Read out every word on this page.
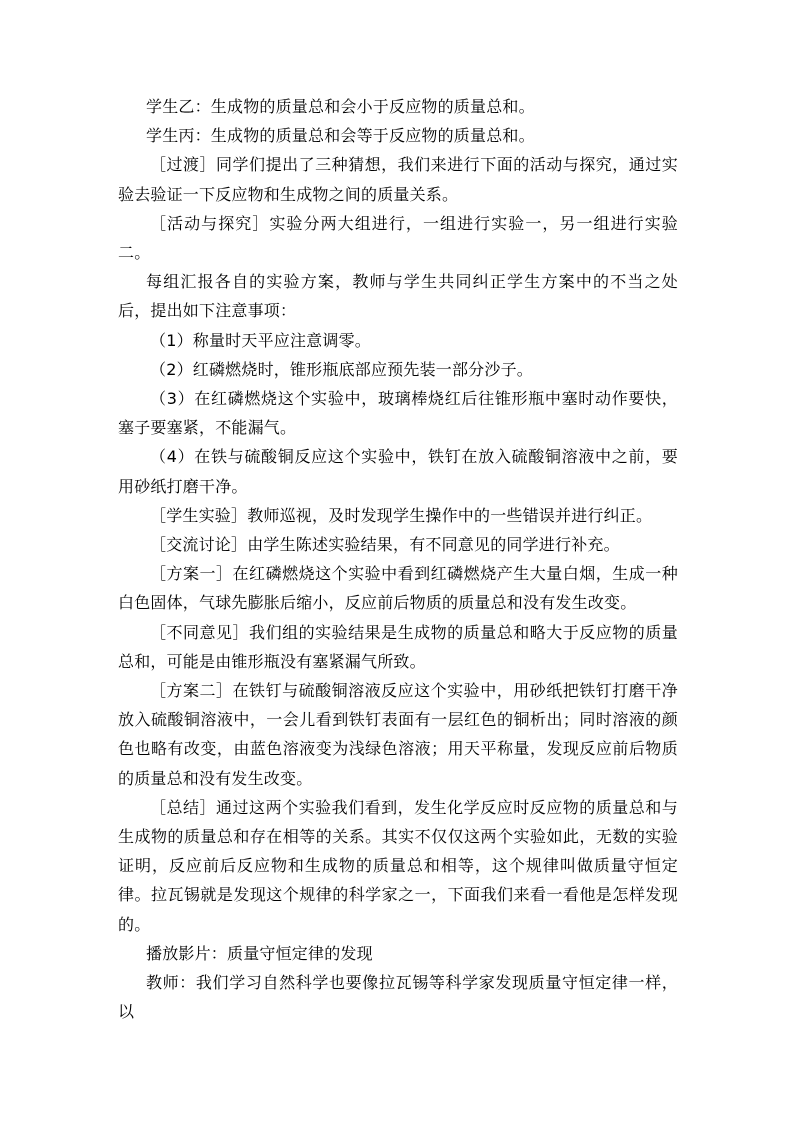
学生乙：生成物的质量总和会小于反应物的质量总和。

学生丙：生成物的质量总和会等于反应物的质量总和。

［过渡］同学们提出了三种猜想，我们来进行下面的活动与探究，通过实验去验证一下反应物和生成物之间的质量关系。

［活动与探究］实验分两大组进行，一组进行实验一，另一组进行实验二。

每组汇报各自的实验方案，教师与学生共同纠正学生方案中的不当之处后，提出如下注意事项：

（1）称量时天平应注意调零。

（2）红磷燃烧时，锥形瓶底部应预先装一部分沙子。

（3）在红磷燃烧这个实验中，玻璃棒烧红后往锥形瓶中塞时动作要快，塞子要塞紧，不能漏气。

（4）在铁与硫酸铜反应这个实验中，铁钉在放入硫酸铜溶液中之前，要用砂纸打磨干净。

［学生实验］教师巡视，及时发现学生操作中的一些错误并进行纠正。

［交流讨论］由学生陈述实验结果，有不同意见的同学进行补充。

［方案一］在红磷燃烧这个实验中看到红磷燃烧产生大量白烟，生成一种白色固体，气球先膨胀后缩小，反应前后物质的质量总和没有发生改变。

［不同意见］我们组的实验结果是生成物的质量总和略大于反应物的质量总和，可能是由锥形瓶没有塞紧漏气所致。

［方案二］在铁钉与硫酸铜溶液反应这个实验中，用砂纸把铁钉打磨干净放入硫酸铜溶液中，一会儿看到铁钉表面有一层红色的铜析出；同时溶液的颜色也略有改变，由蓝色溶液变为浅绿色溶液；用天平称量，发现反应前后物质的质量总和没有发生改变。

［总结］通过这两个实验我们看到，发生化学反应时反应物的质量总和与生成物的质量总和存在相等的关系。其实不仅仅这两个实验如此，无数的实验证明，反应前后反应物和生成物的质量总和相等，这个规律叫做质量守恒定律。拉瓦锡就是发现这个规律的科学家之一，下面我们来看一看他是怎样发现的。

播放影片：质量守恒定律的发现

教师：我们学习自然科学也要像拉瓦锡等科学家发现质量守恒定律一样，以
